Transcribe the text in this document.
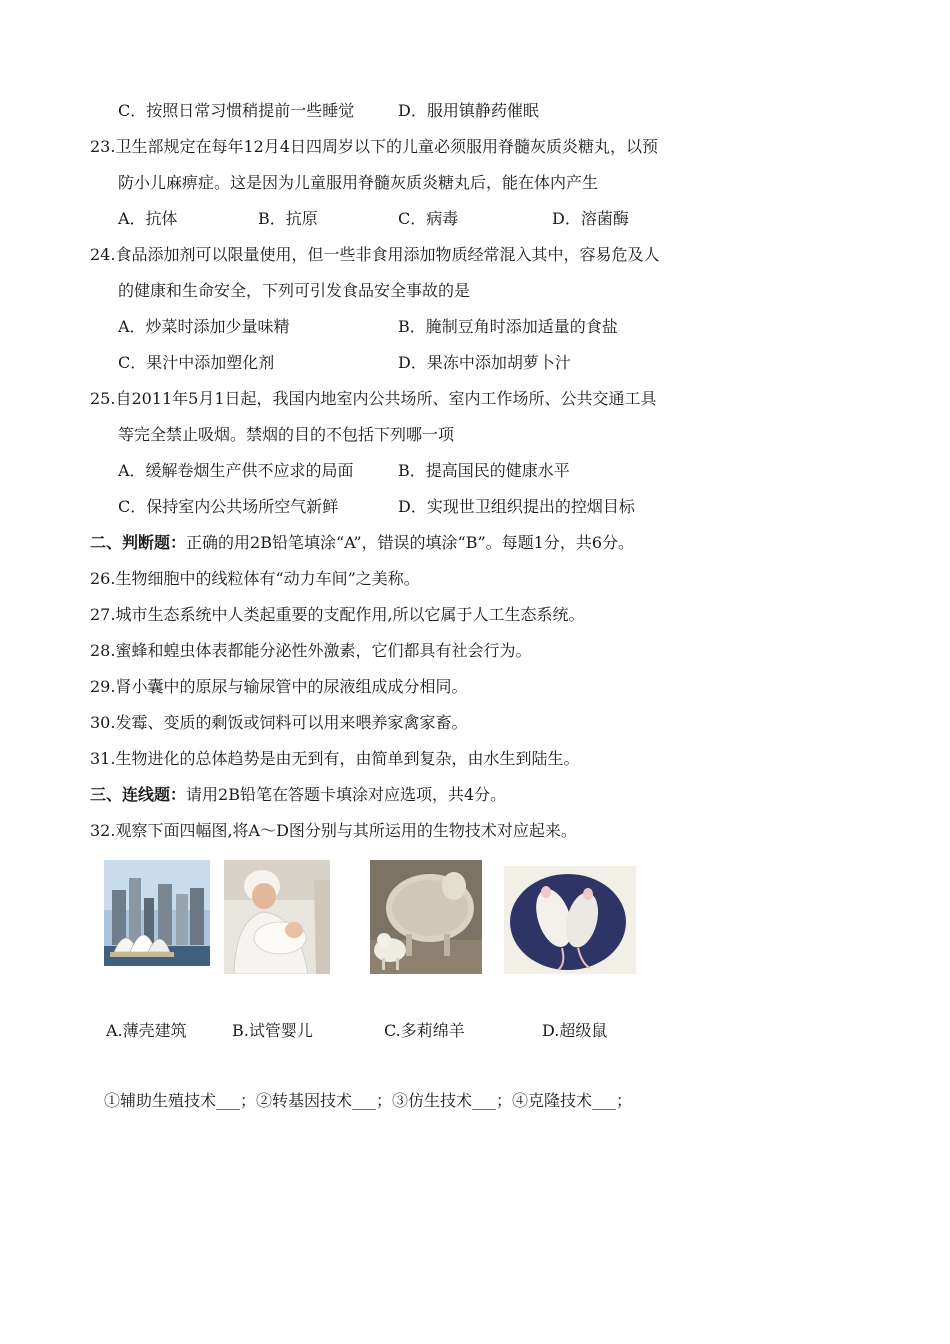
C．按照日常习惯稍提前一些睡觉	D．服用镇静药催眠
23.卫生部规定在每年12月4日四周岁以下的儿童必须服用脊髓灰质炎糖丸，以预
防小儿麻痹症。这是因为儿童服用脊髓灰质炎糖丸后，能在体内产生
A．抗体	B．抗原	C．病毒	D．溶菌酶
24.食品添加剂可以限量使用，但一些非食用添加物质经常混入其中，容易危及人
的健康和生命安全，下列可引发食品安全事故的是
A．炒菜时添加少量味精	B．腌制豆角时添加适量的食盐
C．果汁中添加塑化剂	D．果冻中添加胡萝卜汁
25.自2011年5月1日起，我国内地室内公共场所、室内工作场所、公共交通工具
等完全禁止吸烟。禁烟的目的不包括下列哪一项
A．缓解卷烟生产供不应求的局面	B．提高国民的健康水平
C．保持室内公共场所空气新鲜	D．实现世卫组织提出的控烟目标
二、判断题：正确的用2B铅笔填涂“A”，错误的填涂“B”。每题1分，共6分。
26.生物细胞中的线粒体有“动力车间”之美称。
27.城市生态系统中人类起重要的支配作用,所以它属于人工生态系统。
28.蜜蜂和蝗虫体表都能分泌性外激素，它们都具有社会行为。
29.肾小囊中的原尿与输尿管中的尿液组成成分相同。
30.发霉、变质的剩饭或饲料可以用来喂养家禽家畜。
31.生物进化的总体趋势是由无到有，由简单到复杂，由水生到陆生。
三、连线题：请用2B铅笔在答题卡填涂对应选项，共4分。
32.观察下面四幅图,将A～D图分别与其所运用的生物技术对应起来。
A.薄壳建筑	B.试管婴儿	C.多莉绵羊	D.超级鼠
①辅助生殖技术___；②转基因技术___；③仿生技术___；④克隆技术___；
